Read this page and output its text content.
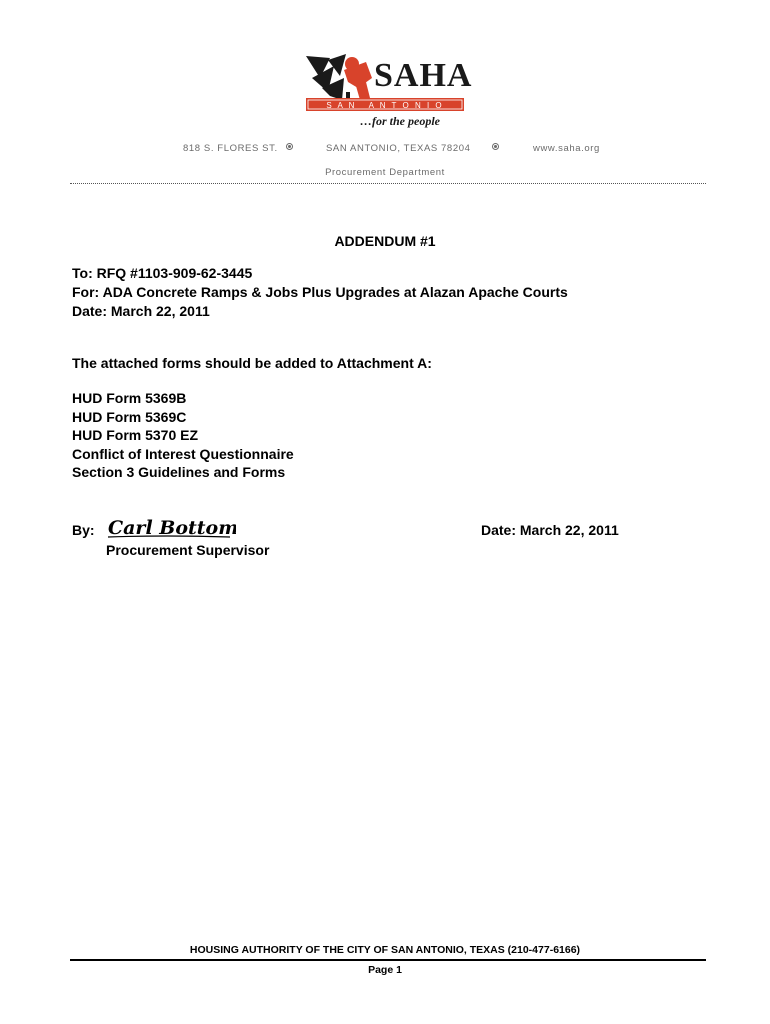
SAHA
S A N   A N T O N I O
…for the people
818 S. FLORES ST.	SAN ANTONIO, TEXAS 78204	www.saha.org
Procurement Department
ADDENDUM #1
To: RFQ #1103-909-62-3445
For: ADA Concrete Ramps & Jobs Plus Upgrades at Alazan Apache Courts
Date: March 22, 2011
The attached forms should be added to Attachment A:
HUD Form 5369B
HUD Form 5369C
HUD Form 5370 EZ
Conflict of Interest Questionnaire
Section 3 Guidelines and Forms
By: Carl Bottoms
Procurement Supervisor
Date: March 22, 2011
HOUSING AUTHORITY OF THE CITY OF SAN ANTONIO, TEXAS (210-477-6166)
Page 1
